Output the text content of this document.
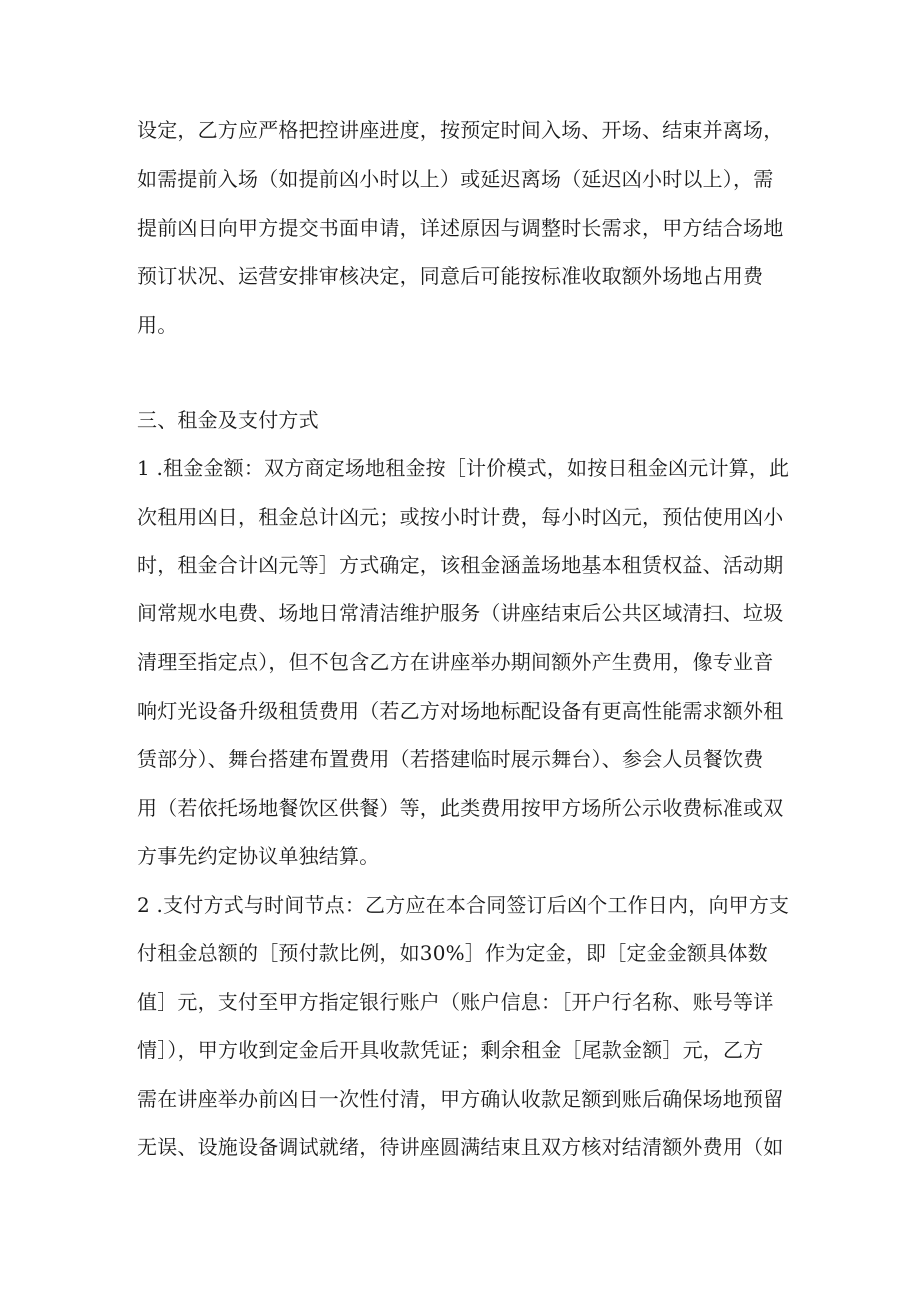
设定，乙方应严格把控讲座进度，按预定时间入场、开场、结束并离场，
如需提前入场（如提前凶小时以上）或延迟离场（延迟凶小时以上），需
提前凶日向甲方提交书面申请，详述原因与调整时长需求，甲方结合场地
预订状况、运营安排审核决定，同意后可能按标准收取额外场地占用费
用。
三、租金及支付方式
1 .租金金额：双方商定场地租金按［计价模式，如按日租金凶元计算，此
次租用凶日，租金总计凶元；或按小时计费，每小时凶元，预估使用凶小
时，租金合计凶元等］方式确定，该租金涵盖场地基本租赁权益、活动期
间常规水电费、场地日常清洁维护服务（讲座结束后公共区域清扫、垃圾
清理至指定点），但不包含乙方在讲座举办期间额外产生费用，像专业音
响灯光设备升级租赁费用（若乙方对场地标配设备有更高性能需求额外租
赁部分）、舞台搭建布置费用（若搭建临时展示舞台）、参会人员餐饮费
用（若依托场地餐饮区供餐）等，此类费用按甲方场所公示收费标准或双
方事先约定协议单独结算。
2 .支付方式与时间节点：乙方应在本合同签订后凶个工作日内，向甲方支
付租金总额的［预付款比例，如30%］作为定金，即［定金金额具体数
值］元，支付至甲方指定银行账户（账户信息：［开户行名称、账号等详
情］），甲方收到定金后开具收款凭证；剩余租金［尾款金额］元，乙方
需在讲座举办前凶日一次性付清，甲方确认收款足额到账后确保场地预留
无误、设施设备调试就绪，待讲座圆满结束且双方核对结清额外费用（如
